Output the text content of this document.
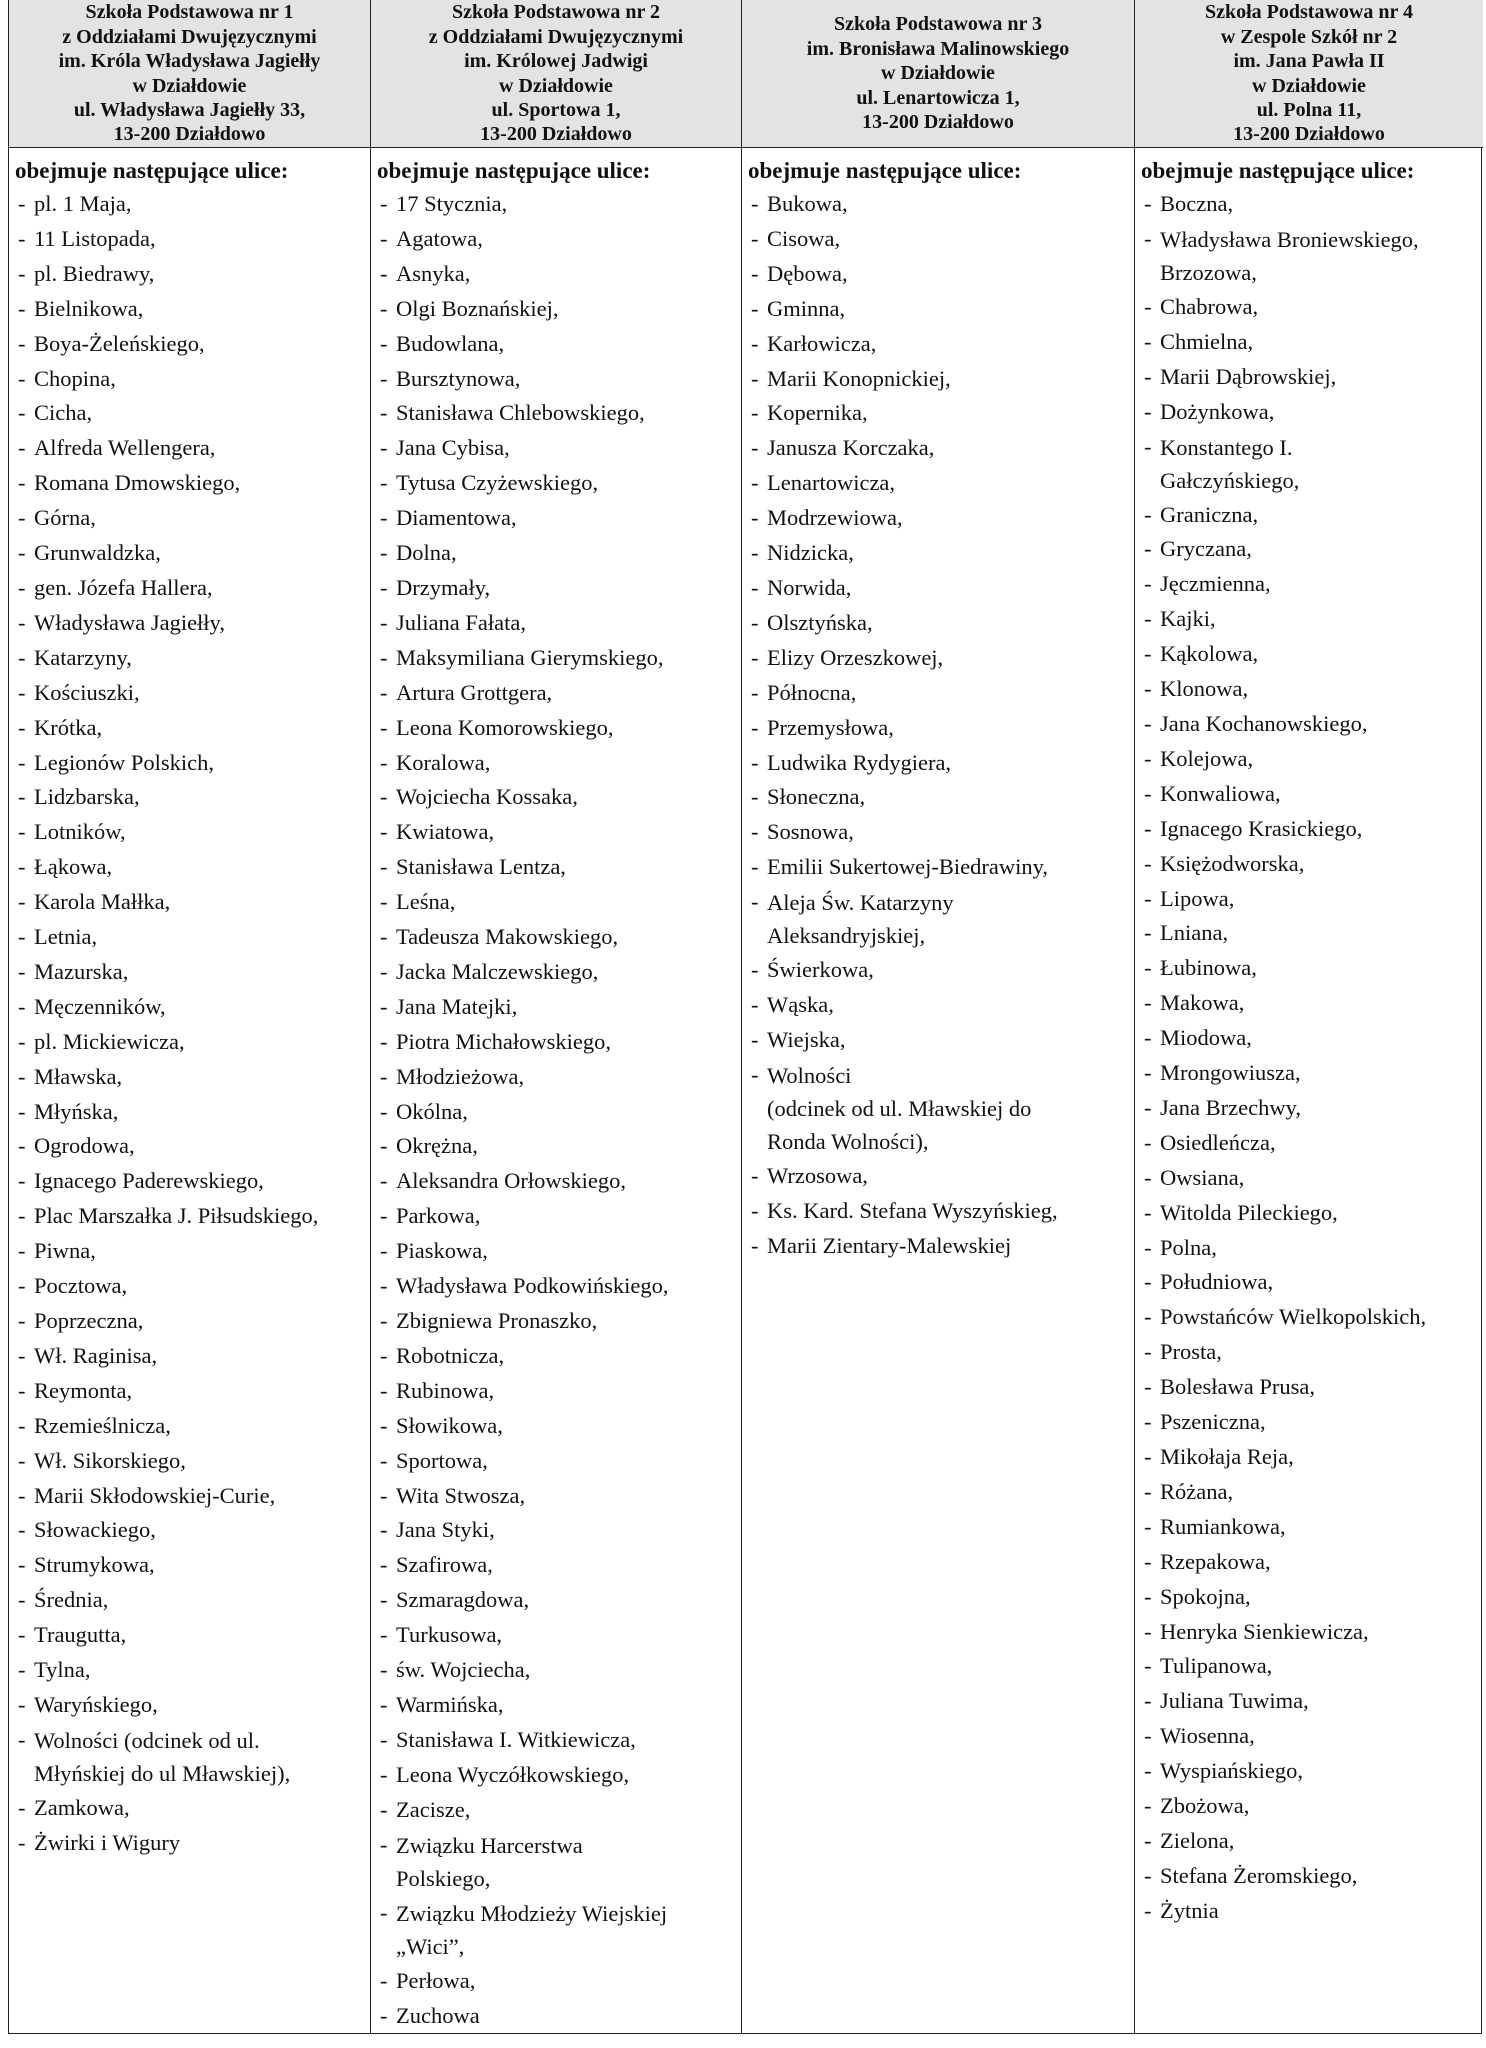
Szkoła Podstawowa nr 1
z Oddziałami Dwujęzycznymi
im. Króla Władysława Jagiełły
w Działdowie
ul. Władysława Jagiełły 33,
13-200 Działdowo
obejmuje następujące ulice:
- pl. 1 Maja,
- 11 Listopada,
- pl. Biedrawy,
- Bielnikowa,
- Boya-Żeleńskiego,
- Chopina,
- Cicha,
- Alfreda Wellengera,
- Romana Dmowskiego,
- Górna,
- Grunwaldzka,
- gen. Józefa Hallera,
- Władysława Jagiełły,
- Katarzyny,
- Kościuszki,
- Krótka,
- Legionów Polskich,
- Lidzbarska,
- Lotników,
- Łąkowa,
- Karola Małłka,
- Letnia,
- Mazurska,
- Męczenników,
- pl. Mickiewicza,
- Mławska,
- Młyńska,
- Ogrodowa,
- Ignacego Paderewskiego,
- Plac Marszałka J. Piłsudskiego,
- Piwna,
- Pocztowa,
- Poprzeczna,
- Wł. Raginisa,
- Reymonta,
- Rzemieślnicza,
- Wł. Sikorskiego,
- Marii Skłodowskiej-Curie,
- Słowackiego,
- Strumykowa,
- Średnia,
- Traugutta,
- Tylna,
- Waryńskiego,
- Wolności (odcinek od ul.
Młyńskiej do ul Mławskiej),
- Zamkowa,
- Żwirki i Wigury
Szkoła Podstawowa nr 2
z Oddziałami Dwujęzycznymi
im. Królowej Jadwigi
w Działdowie
ul. Sportowa 1,
13-200 Działdowo
obejmuje następujące ulice:
- 17 Stycznia,
- Agatowa,
- Asnyka,
- Olgi Boznańskiej,
- Budowlana,
- Bursztynowa,
- Stanisława Chlebowskiego,
- Jana Cybisa,
- Tytusa Czyżewskiego,
- Diamentowa,
- Dolna,
- Drzymały,
- Juliana Fałata,
- Maksymiliana Gierymskiego,
- Artura Grottgera,
- Leona Komorowskiego,
- Koralowa,
- Wojciecha Kossaka,
- Kwiatowa,
- Stanisława Lentza,
- Leśna,
- Tadeusza Makowskiego,
- Jacka Malczewskiego,
- Jana Matejki,
- Piotra Michałowskiego,
- Młodzieżowa,
- Okólna,
- Okrężna,
- Aleksandra Orłowskiego,
- Parkowa,
- Piaskowa,
- Władysława Podkowińskiego,
- Zbigniewa Pronaszko,
- Robotnicza,
- Rubinowa,
- Słowikowa,
- Sportowa,
- Wita Stwosza,
- Jana Styki,
- Szafirowa,
- Szmaragdowa,
- Turkusowa,
- św. Wojciecha,
- Warmińska,
- Stanisława I. Witkiewicza,
- Leona Wyczółkowskiego,
- Zacisze,
- Związku Harcerstwa
Polskiego,
- Związku Młodzieży Wiejskiej
„Wici”,
- Perłowa,
- Zuchowa
Szkoła Podstawowa nr 3
im. Bronisława Malinowskiego
w Działdowie
ul. Lenartowicza 1,
13-200 Działdowo
obejmuje następujące ulice:
- Bukowa,
- Cisowa,
- Dębowa,
- Gminna,
- Karłowicza,
- Marii Konopnickiej,
- Kopernika,
- Janusza Korczaka,
- Lenartowicza,
- Modrzewiowa,
- Nidzicka,
- Norwida,
- Olsztyńska,
- Elizy Orzeszkowej,
- Północna,
- Przemysłowa,
- Ludwika Rydygiera,
- Słoneczna,
- Sosnowa,
- Emilii Sukertowej-Biedrawiny,
- Aleja Św. Katarzyny
Aleksandryjskiej,
- Świerkowa,
- Wąska,
- Wiejska,
- Wolności
(odcinek od ul. Mławskiej do
Ronda Wolności),
- Wrzosowa,
- Ks. Kard. Stefana Wyszyńskieg,
- Marii Zientary-Malewskiej
Szkoła Podstawowa nr 4
w Zespole Szkół nr 2
im. Jana Pawła II
w Działdowie
ul. Polna 11,
13-200 Działdowo
obejmuje następujące ulice:
- Boczna,
- Władysława Broniewskiego,
Brzozowa,
- Chabrowa,
- Chmielna,
- Marii Dąbrowskiej,
- Dożynkowa,
- Konstantego I.
Gałczyńskiego,
- Graniczna,
- Gryczana,
- Jęczmienna,
- Kajki,
- Kąkolowa,
- Klonowa,
- Jana Kochanowskiego,
- Kolejowa,
- Konwaliowa,
- Ignacego Krasickiego,
- Księżodworska,
- Lipowa,
- Lniana,
- Łubinowa,
- Makowa,
- Miodowa,
- Mrongowiusza,
- Jana Brzechwy,
- Osiedleńcza,
- Owsiana,
- Witolda Pileckiego,
- Polna,
- Południowa,
- Powstańców Wielkopolskich,
- Prosta,
- Bolesława Prusa,
- Pszeniczna,
- Mikołaja Reja,
- Różana,
- Rumiankowa,
- Rzepakowa,
- Spokojna,
- Henryka Sienkiewicza,
- Tulipanowa,
- Juliana Tuwima,
- Wiosenna,
- Wyspiańskiego,
- Zbożowa,
- Zielona,
- Stefana Żeromskiego,
- Żytnia
